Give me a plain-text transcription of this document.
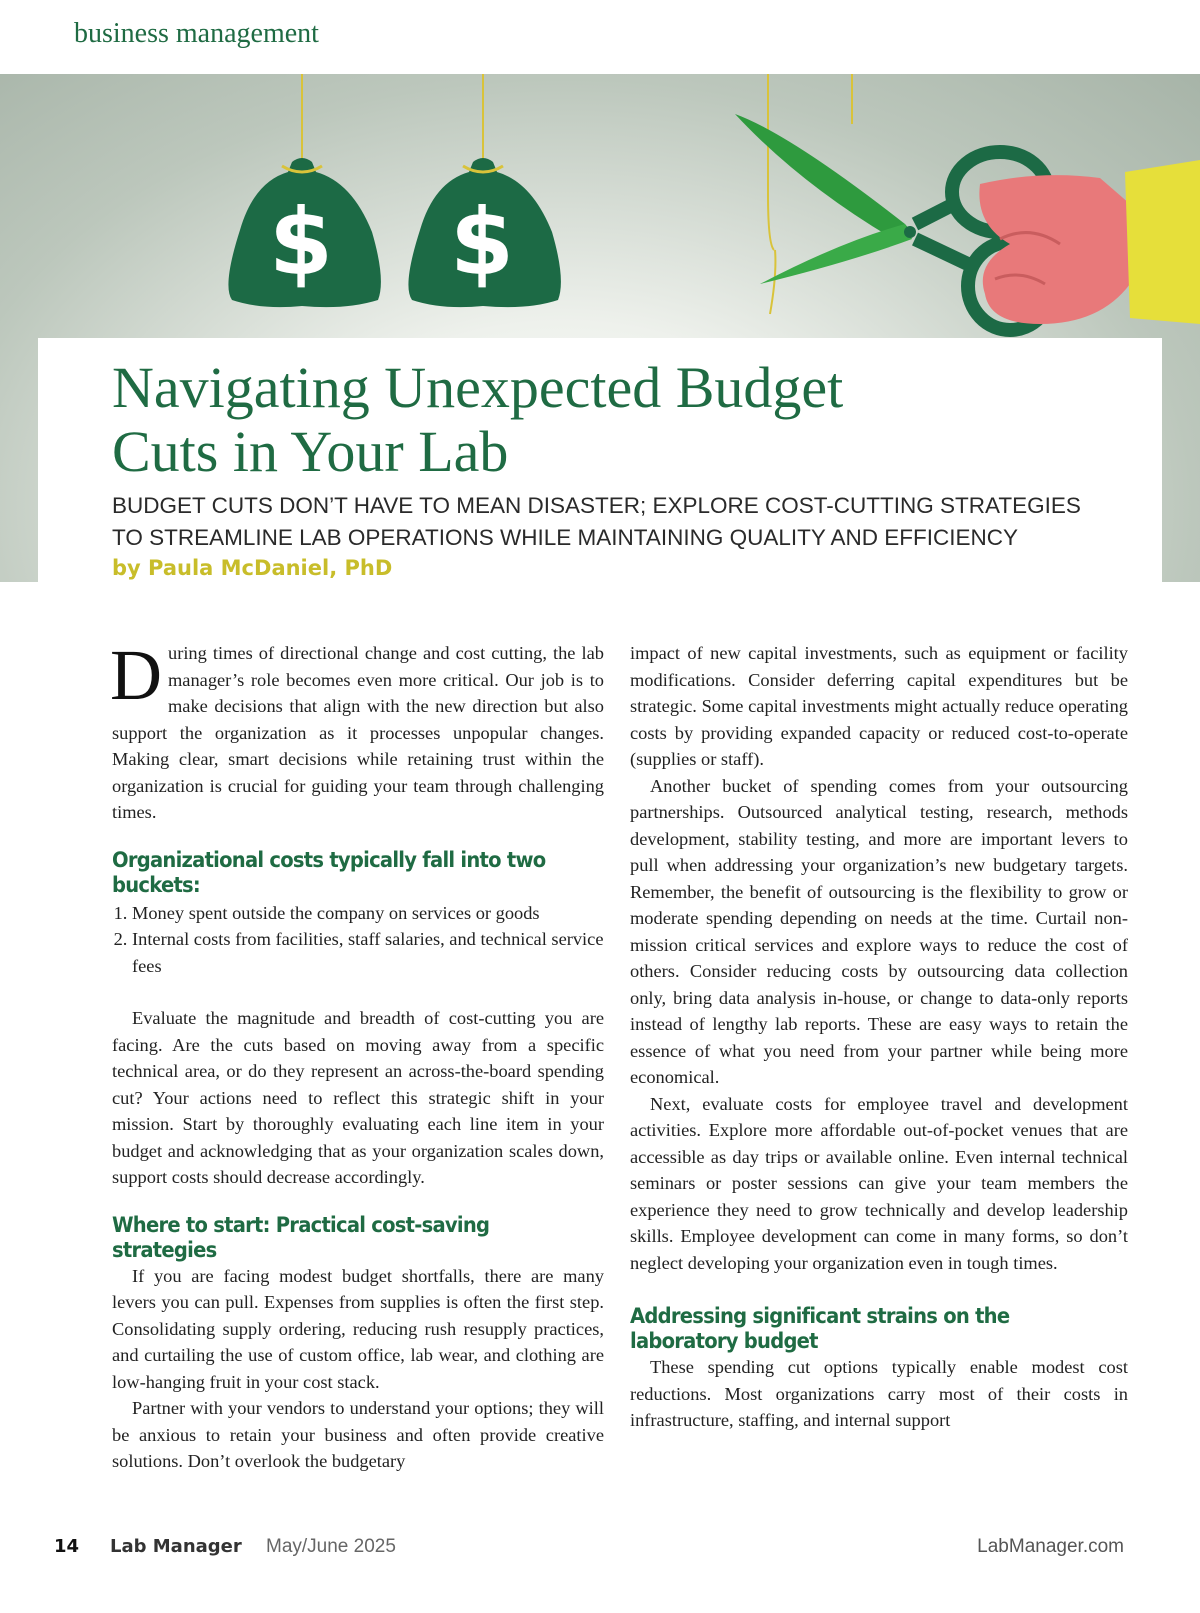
business management
$ $
Navigating Unexpected Budget
Cuts in Your Lab
BUDGET CUTS DON’T HAVE TO MEAN DISASTER; EXPLORE COST-CUTTING STRATEGIES
TO STREAMLINE LAB OPERATIONS WHILE MAINTAINING QUALITY AND EFFICIENCY
by Paula McDaniel, PhD

During times of directional change and cost cutting, the lab manager’s role becomes even more critical. Our job is to make decisions that align with the new direction but also support the organization as it processes unpopular changes. Making clear, smart decisions while retaining trust within the organization is crucial for guiding your team through challenging times.

Organizational costs typically fall into two buckets:
1. Money spent outside the company on services or goods
2. Internal costs from facilities, staff salaries, and technical service fees

Evaluate the magnitude and breadth of cost-cutting you are facing. Are the cuts based on moving away from a specific technical area, or do they represent an across-the-board spending cut? Your actions need to reflect this strategic shift in your mission. Start by thoroughly evaluating each line item in your budget and acknowledging that as your organization scales down, support costs should decrease accordingly.

Where to start: Practical cost-saving strategies

If you are facing modest budget shortfalls, there are many levers you can pull. Expenses from supplies is often the first step. Consolidating supply ordering, reducing rush resupply practices, and curtailing the use of custom office, lab wear, and clothing are low-hanging fruit in your cost stack.

Partner with your vendors to understand your options; they will be anxious to retain your business and often provide creative solutions. Don’t overlook the budgetary

impact of new capital investments, such as equipment or facility modifications. Consider deferring capital expenditures but be strategic. Some capital investments might actually reduce operating costs by providing expanded capacity or reduced cost-to-operate (supplies or staff).

Another bucket of spending comes from your outsourcing partnerships. Outsourced analytical testing, research, methods development, stability testing, and more are important levers to pull when addressing your organization’s new budgetary targets. Remember, the benefit of outsourcing is the flexibility to grow or moderate spending depending on needs at the time. Curtail non-mission critical services and explore ways to reduce the cost of others. Consider reducing costs by outsourcing data collection only, bring data analysis in-house, or change to data-only reports instead of lengthy lab reports. These are easy ways to retain the essence of what you need from your partner while being more economical.

Next, evaluate costs for employee travel and development activities. Explore more affordable out-of-pocket venues that are accessible as day trips or available online. Even internal technical seminars or poster sessions can give your team members the experience they need to grow technically and develop leadership skills. Employee development can come in many forms, so don’t neglect developing your organization even in tough times.

Addressing significant strains on the laboratory budget

These spending cut options typically enable modest cost reductions. Most organizations carry most of their costs in infrastructure, staffing, and internal support

14 Lab Manager May/June 2025	LabManager.com
